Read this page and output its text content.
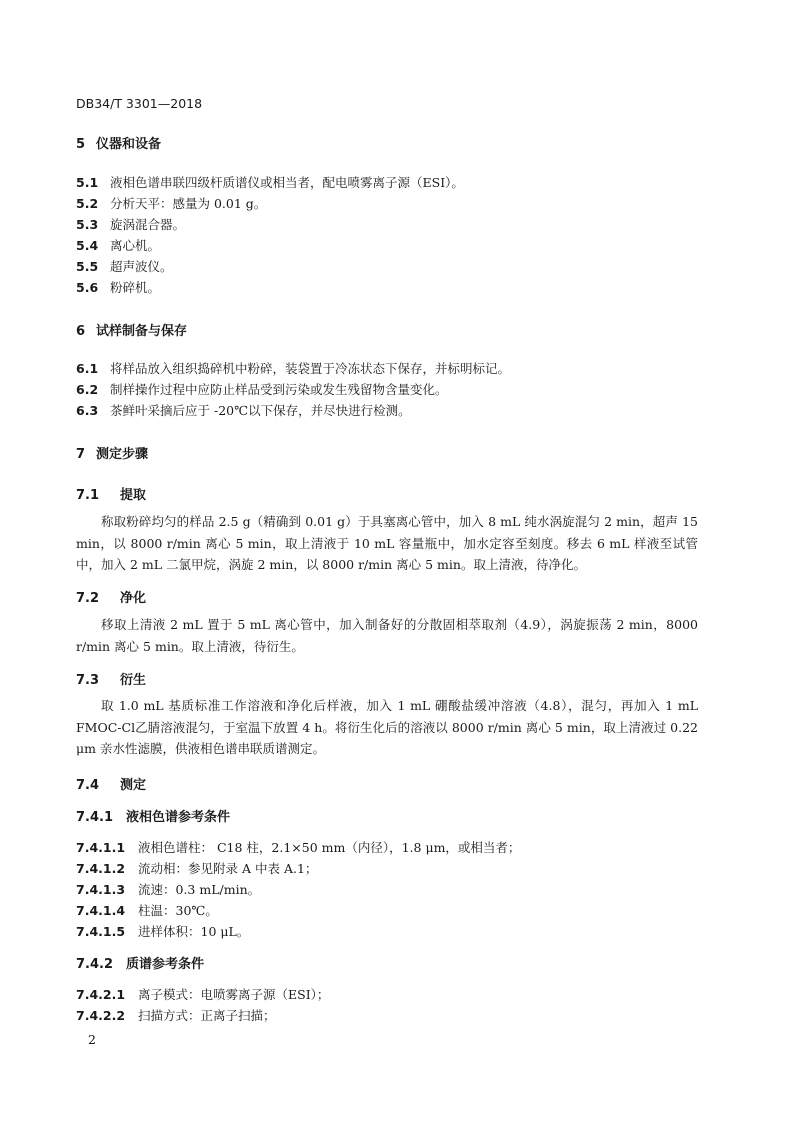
DB34/T 3301—2018
5 仪器和设备
5.1 液相色谱串联四级杆质谱仪或相当者，配电喷雾离子源（ESI）。
5.2 分析天平：感量为 0.01 g。
5.3 旋涡混合器。
5.4 离心机。
5.5 超声波仪。
5.6 粉碎机。
6 试样制备与保存
6.1 将样品放入组织捣碎机中粉碎，装袋置于冷冻状态下保存，并标明标记。
6.2 制样操作过程中应防止样品受到污染或发生残留物含量变化。
6.3 茶鲜叶采摘后应于 -20℃以下保存，并尽快进行检测。
7 测定步骤
7.1 提取
称取粉碎均匀的样品 2.5 g（精确到 0.01 g）于具塞离心管中，加入 8 mL 纯水涡旋混匀 2 min，超声 15 min，以 8000 r/min 离心 5 min，取上清液于 10 mL 容量瓶中，加水定容至刻度。移去 6 mL 样液至试管中，加入 2 mL 二氯甲烷，涡旋 2 min，以 8000 r/min 离心 5 min。取上清液，待净化。
7.2 净化
移取上清液 2 mL 置于 5 mL 离心管中，加入制备好的分散固相萃取剂（4.9），涡旋振荡 2 min，8000 r/min 离心 5 min。取上清液，待衍生。
7.3 衍生
取 1.0 mL 基质标准工作溶液和净化后样液，加入 1 mL 硼酸盐缓冲溶液（4.8），混匀，再加入 1 mL FMOC-Cl乙腈溶液混匀，于室温下放置 4 h。将衍生化后的溶液以 8000 r/min 离心 5 min，取上清液过 0.22 μm 亲水性滤膜，供液相色谱串联质谱测定。
7.4 测定
7.4.1 液相色谱参考条件
7.4.1.1 液相色谱柱： C18 柱，2.1×50 mm（内径），1.8 μm，或相当者；
7.4.1.2 流动相：参见附录 A 中表 A.1；
7.4.1.3 流速：0.3 mL/min。
7.4.1.4 柱温：30℃。
7.4.1.5 进样体积：10 μL。
7.4.2 质谱参考条件
7.4.2.1 离子模式：电喷雾离子源（ESI）；
7.4.2.2 扫描方式：正离子扫描；
2
